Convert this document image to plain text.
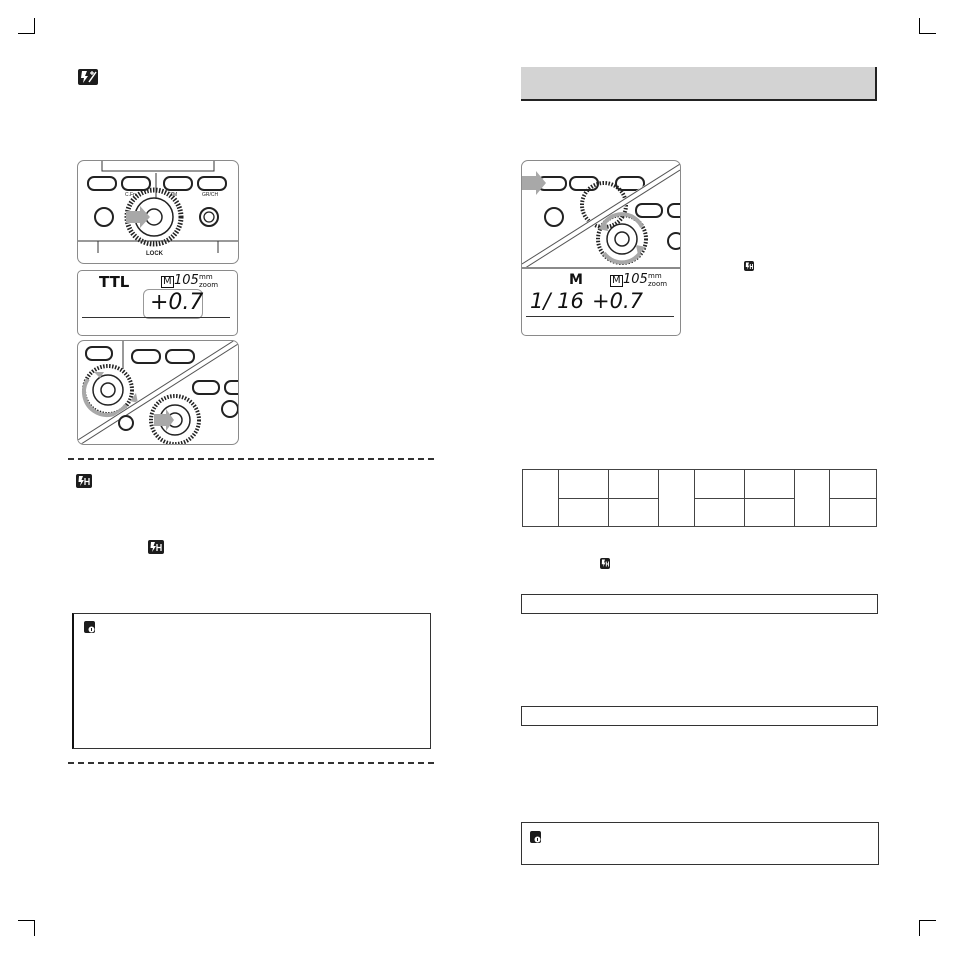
C.Fn	ZM	GR/CH
LOCK
TTL	M 105 mm
zoom
+0.7
M	M 105 mm
zoom
1/ 16 +0.7
